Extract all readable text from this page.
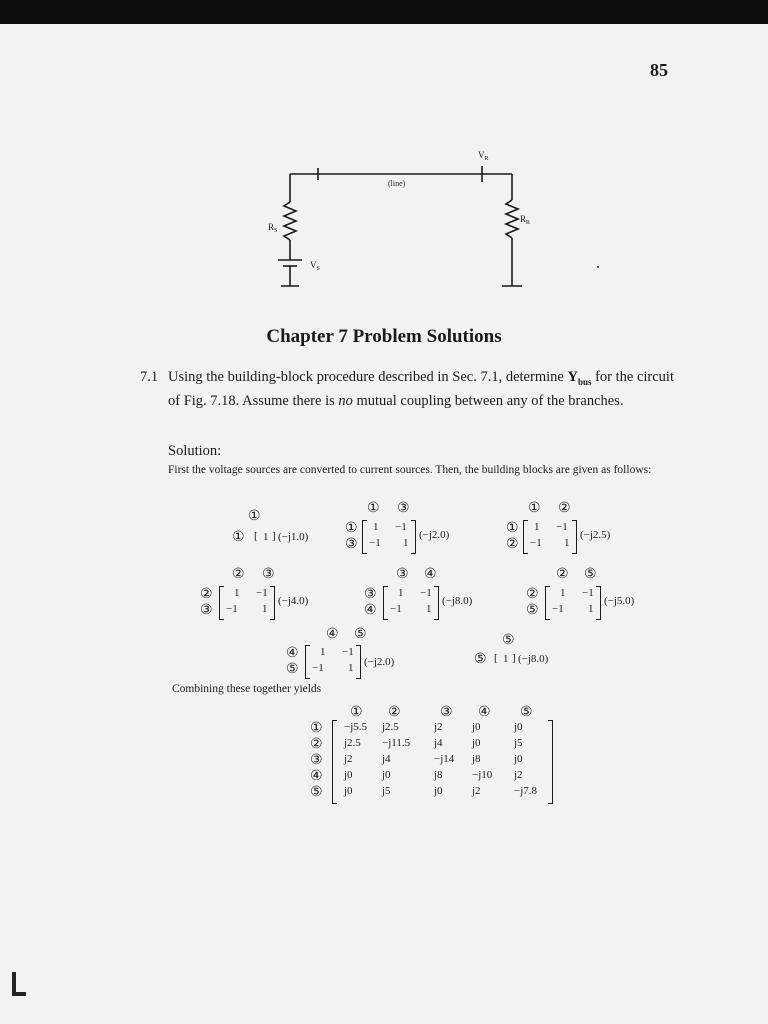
85
$V_R$
(line)
$R_S$
$R_R$
$V_S$
Chapter 7 Problem Solutions
7.1 Using the building-block procedure described in Sec. 7.1, determine $Y_{bus}$ for the circuit of Fig. 7.18. Assume there is no mutual coupling between any of the branches.
Solution:
First the voltage sources are converted to current sources. Then, the building blocks are given as follows:
①
① [ 1 ] (−j1.0)
① ③
①
③
1 −1
−1 1
(−j2.0)
① ②
①
②
1 −1
−1 1
(−j2.5)
② ③
②
③
1 −1
−1 1
(−j4.0)
③ ④
③
④
1 −1
−1 1
(−j8.0)
② ⑤
②
⑤
1 −1
−1 1
(−j5.0)
④ ⑤
④
⑤
1 −1
−1 1 (−j2.0)
⑤
⑤ [ 1 ] (−j8.0)
Combining these together yields
① ②	③ ④ ⑤
① −j5.5 j2.5	j2	j0	j0
② j2.5 −j11.5 j4	j0	j5
③ j2	j4	−j14 j8	j0
④ j0	j0	j8	−j10 j2
⑤ j0	j5	j0	j2	−j7.8
